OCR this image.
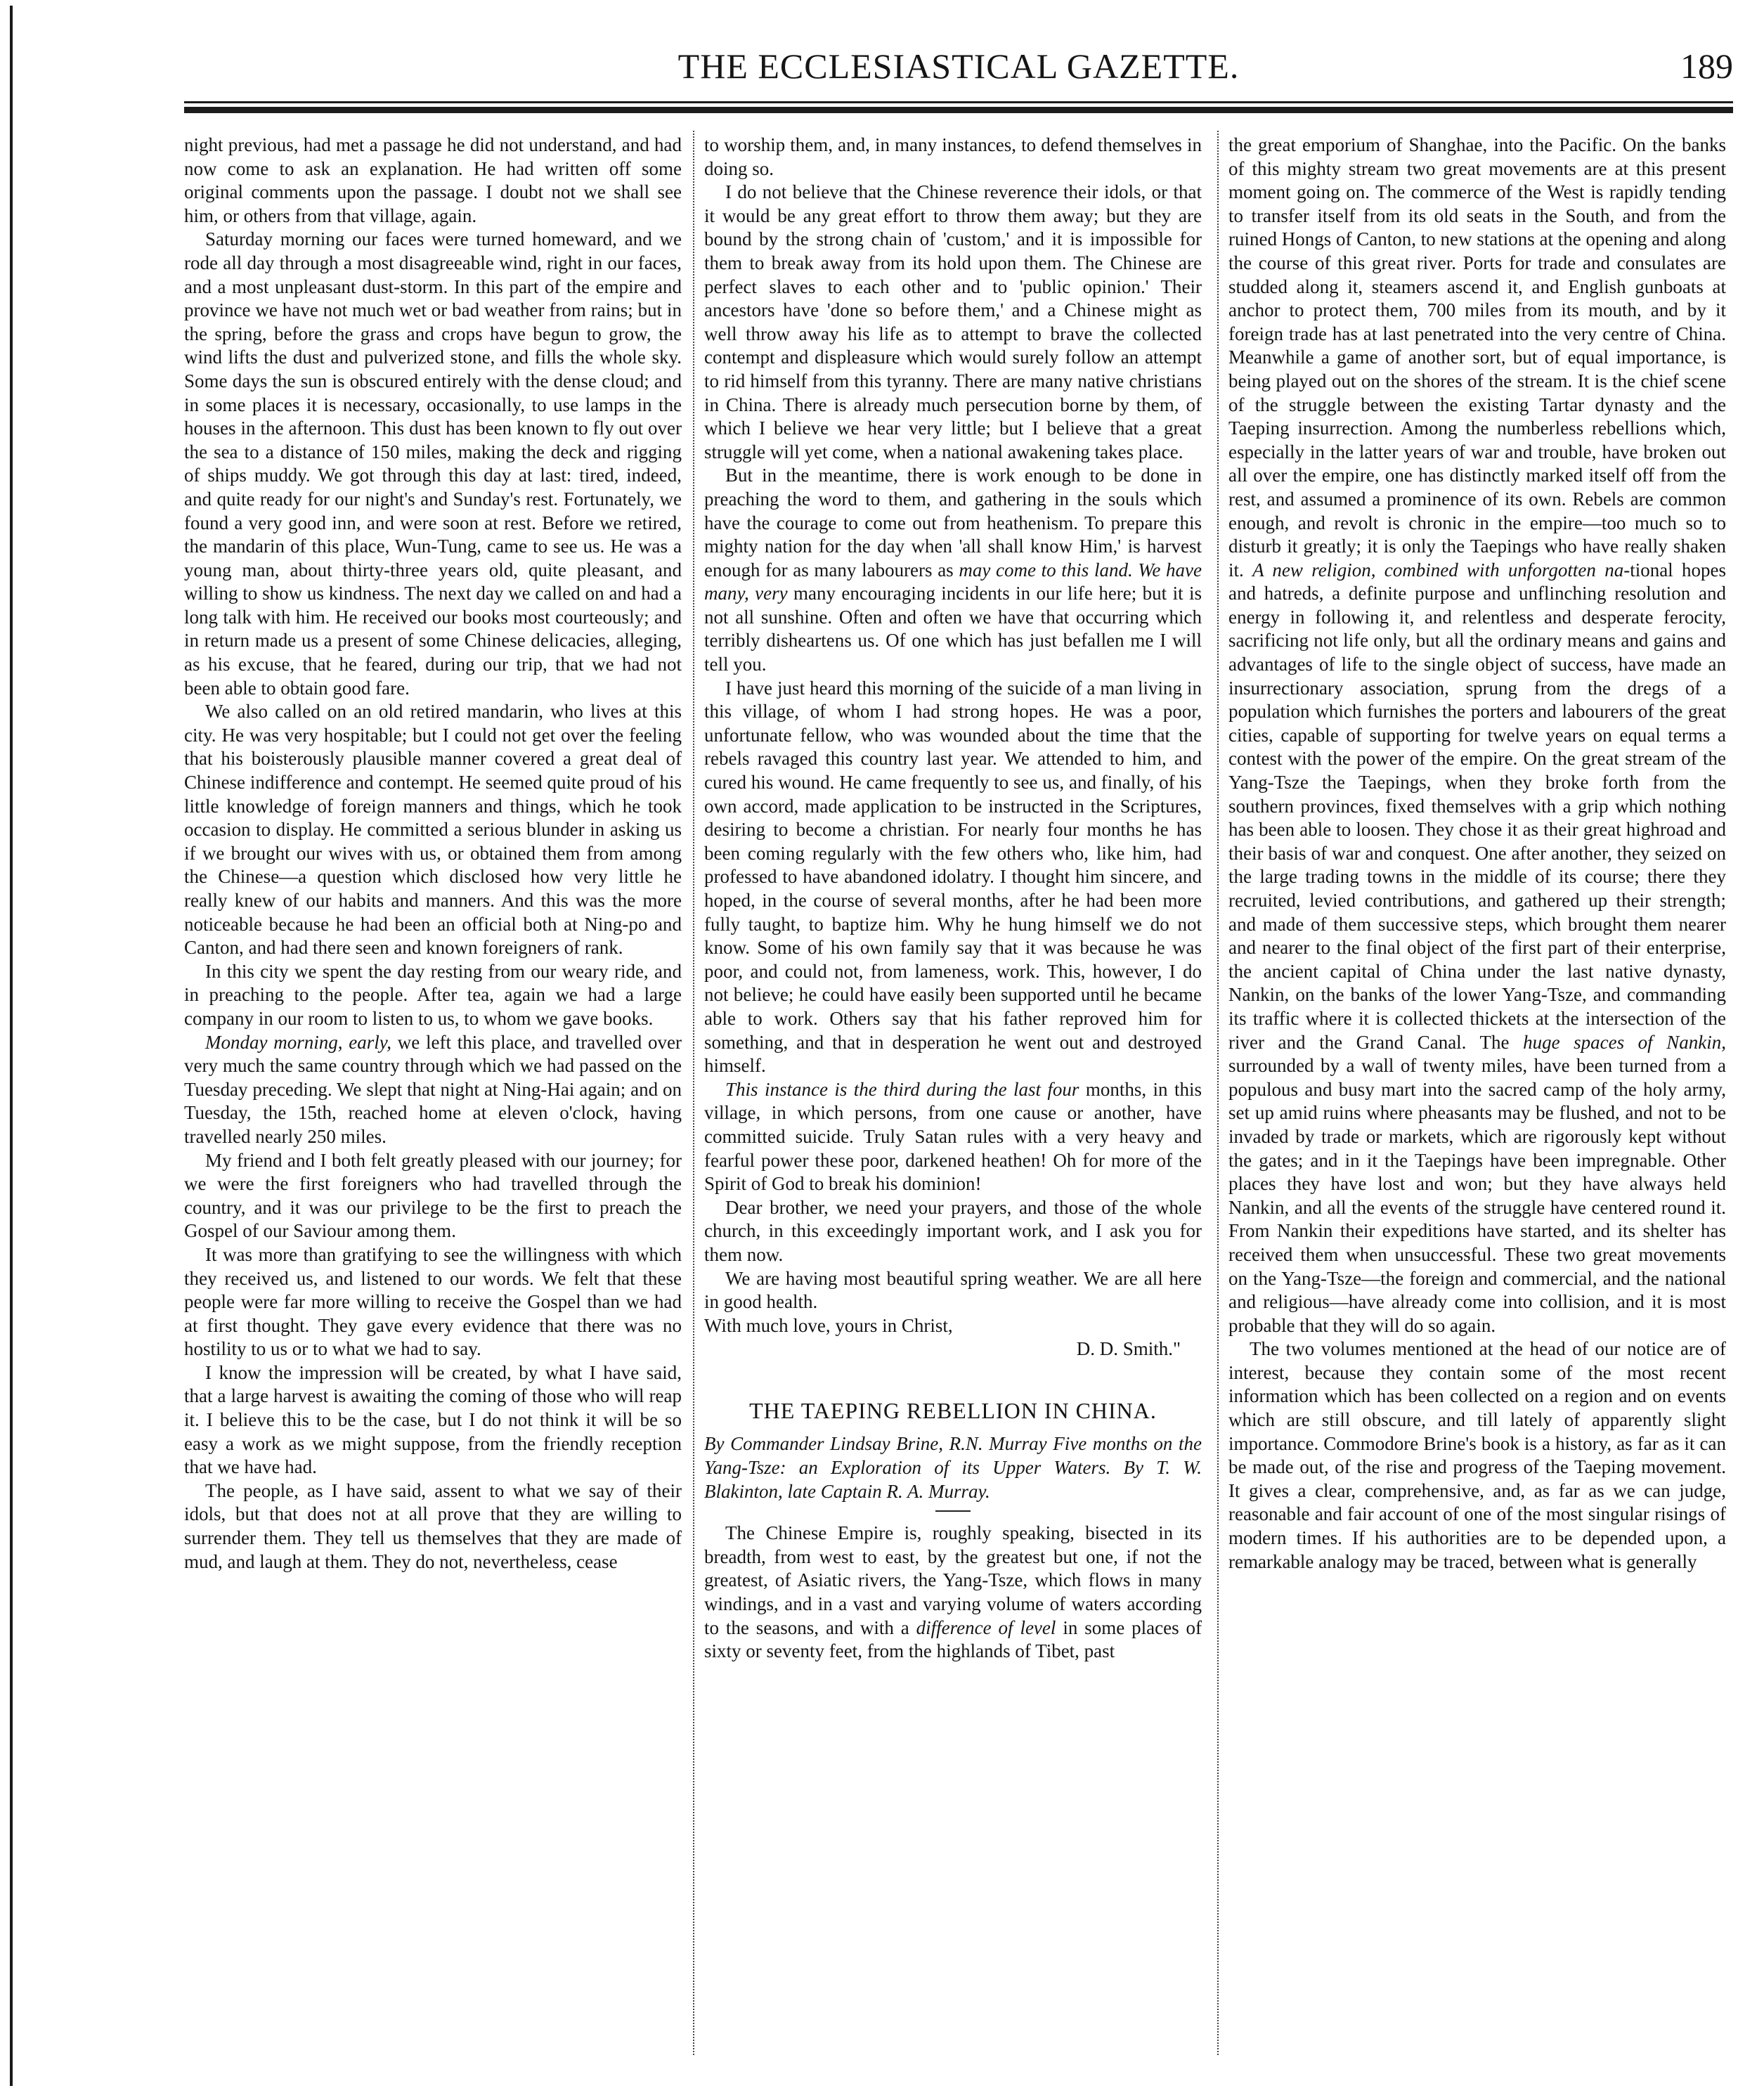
THE ECCLESIASTICAL GAZETTE.	189

night previous, had met a passage he did not understand, and had now come to ask an explanation. He had written off some original comments upon the passage. I doubt not we shall see him, or others from that village, again.

Saturday morning our faces were turned homeward, and we rode all day through a most disagreeable wind, right in our faces, and a most unpleasant dust-storm. In this part of the empire and province we have not much wet or bad weather from rains; but in the spring, before the grass and crops have begun to grow, the wind lifts the dust and pulverized stone, and fills the whole sky. Some days the sun is obscured entirely with the dense cloud; and in some places it is necessary, occasionally, to use lamps in the houses in the afternoon. This dust has been known to fly out over the sea to a distance of 150 miles, making the deck and rigging of ships muddy. We got through this day at last: tired, indeed, and quite ready for our night's and Sunday's rest. Fortunately, we found a very good inn, and were soon at rest. Before we retired, the mandarin of this place, Wun-Tung, came to see us. He was a young man, about thirty-three years old, quite pleasant, and willing to show us kindness. The next day we called on and had a long talk with him. He received our books most courteously; and in return made us a present of some Chinese delicacies, alleging, as his excuse, that he feared, during our trip, that we had not been able to obtain good fare.

We also called on an old retired mandarin, who lives at this city. He was very hospitable; but I could not get over the feeling that his boisterously plausible manner covered a great deal of Chinese indifference and contempt. He seemed quite proud of his little knowledge of foreign manners and things, which he took occasion to display. He committed a serious blunder in asking us if we brought our wives with us, or obtained them from among the Chinese—a question which disclosed how very little he really knew of our habits and manners. And this was the more noticeable because he had been an official both at Ning-po and Canton, and had there seen and known foreigners of rank.

In this city we spent the day resting from our weary ride, and in preaching to the people. After tea, again we had a large company in our room to listen to us, to whom we gave books.

Monday morning, early, we left this place, and travelled over very much the same country through which we had passed on the Tuesday preceding. We slept that night at Ning-Hai again; and on Tuesday, the 15th, reached home at eleven o'clock, having travelled nearly 250 miles.

My friend and I both felt greatly pleased with our journey; for we were the first foreigners who had travelled through the country, and it was our privilege to be the first to preach the Gospel of our Saviour among them.

It was more than gratifying to see the willingness with which they received us, and listened to our words. We felt that these people were far more willing to receive the Gospel than we had at first thought. They gave every evidence that there was no hostility to us or to what we had to say.

I know the impression will be created, by what I have said, that a large harvest is awaiting the coming of those who will reap it. I believe this to be the case, but I do not think it will be so easy a work as we might suppose, from the friendly reception that we have had.

The people, as I have said, assent to what we say of their idols, but that does not at all prove that they are willing to surrender them. They tell us themselves that they are made of mud, and laugh at them. They do not, nevertheless, cease

to worship them, and, in many instances, to defend themselves in doing so.

I do not believe that the Chinese reverence their idols, or that it would be any great effort to throw them away; but they are bound by the strong chain of 'custom,' and it is impossible for them to break away from its hold upon them. The Chinese are perfect slaves to each other and to 'public opinion.' Their ancestors have 'done so before them,' and a Chinese might as well throw away his life as to attempt to brave the collected contempt and displeasure which would surely follow an attempt to rid himself from this tyranny. There are many native christians in China. There is already much persecution borne by them, of which I believe we hear very little; but I believe that a great struggle will yet come, when a national awakening takes place.

But in the meantime, there is work enough to be done in preaching the word to them, and gathering in the souls which have the courage to come out from heathenism. To prepare this mighty nation for the day when 'all shall know Him,' is harvest enough for as many labourers as may come to this land. We have many, very many encouraging incidents in our life here; but it is not all sunshine. Often and often we have that occurring which terribly disheartens us. Of one which has just befallen me I will tell you.

I have just heard this morning of the suicide of a man living in this village, of whom I had strong hopes. He was a poor, unfortunate fellow, who was wounded about the time that the rebels ravaged this country last year. We attended to him, and cured his wound. He came frequently to see us, and finally, of his own accord, made application to be instructed in the Scriptures, desiring to become a christian. For nearly four months he has been coming regularly with the few others who, like him, had professed to have abandoned idolatry. I thought him sincere, and hoped, in the course of several months, after he had been more fully taught, to baptize him. Why he hung himself we do not know. Some of his own family say that it was because he was poor, and could not, from lameness, work. This, however, I do not believe; he could have easily been supported until he became able to work. Others say that his father reproved him for something, and that in desperation he went out and destroyed himself.

This instance is the third during the last four months, in this village, in which persons, from one cause or another, have committed suicide. Truly Satan rules with a very heavy and fearful power these poor, darkened heathen! Oh for more of the Spirit of God to break his dominion!

Dear brother, we need your prayers, and those of the whole church, in this exceedingly important work, and I ask you for them now.

We are having most beautiful spring weather. We are all here in good health.

With much love, yours in Christ,

D. D. Smith."

THE TAEPING REBELLION IN CHINA.

By Commander Lindsay Brine, R.N. Murray Five months on the Yang-Tsze: an Exploration of its Upper Waters. By T. W. Blakinton, late Captain R. A. Murray.

The Chinese Empire is, roughly speaking, bisected in its breadth, from west to east, by the greatest but one, if not the greatest, of Asiatic rivers, the Yang-Tsze, which flows in many windings, and in a vast and varying volume of waters according to the seasons, and with a difference of level in some places of sixty or seventy feet, from the highlands of Tibet, past

the great emporium of Shanghae, into the Pacific. On the banks of this mighty stream two great movements are at this present moment going on. The commerce of the West is rapidly tending to transfer itself from its old seats in the South, and from the ruined Hongs of Canton, to new stations at the opening and along the course of this great river. Ports for trade and consulates are studded along it, steamers ascend it, and English gunboats at anchor to protect them, 700 miles from its mouth, and by it foreign trade has at last penetrated into the very centre of China. Meanwhile a game of another sort, but of equal importance, is being played out on the shores of the stream. It is the chief scene of the struggle between the existing Tartar dynasty and the Taeping insurrection. Among the numberless rebellions which, especially in the latter years of war and trouble, have broken out all over the empire, one has distinctly marked itself off from the rest, and assumed a prominence of its own. Rebels are common enough, and revolt is chronic in the empire—too much so to disturb it greatly; it is only the Taepings who have really shaken it. A new religion, combined with unforgotten na-tional hopes and hatreds, a definite purpose and unflinching resolution and energy in following it, and relentless and desperate ferocity, sacrificing not life only, but all the ordinary means and gains and advantages of life to the single object of success, have made an insurrectionary association, sprung from the dregs of a population which furnishes the porters and labourers of the great cities, capable of supporting for twelve years on equal terms a contest with the power of the empire. On the great stream of the Yang-Tsze the Taepings, when they broke forth from the southern provinces, fixed themselves with a grip which nothing has been able to loosen. They chose it as their great highroad and their basis of war and conquest. One after another, they seized on the large trading towns in the middle of its course; there they recruited, levied contributions, and gathered up their strength; and made of them successive steps, which brought them nearer and nearer to the final object of the first part of their enterprise, the ancient capital of China under the last native dynasty, Nankin, on the banks of the lower Yang-Tsze, and commanding its traffic where it is collected thickets at the intersection of the river and the Grand Canal. The huge spaces of Nankin, surrounded by a wall of twenty miles, have been turned from a populous and busy mart into the sacred camp of the holy army, set up amid ruins where pheasants may be flushed, and not to be invaded by trade or markets, which are rigorously kept without the gates; and in it the Taepings have been impregnable. Other places they have lost and won; but they have always held Nankin, and all the events of the struggle have centered round it. From Nankin their expeditions have started, and its shelter has received them when unsuccessful. These two great movements on the Yang-Tsze—the foreign and commercial, and the national and religious—have already come into collision, and it is most probable that they will do so again.

The two volumes mentioned at the head of our notice are of interest, because they contain some of the most recent information which has been collected on a region and on events which are still obscure, and till lately of apparently slight importance. Commodore Brine's book is a history, as far as it can be made out, of the rise and progress of the Taeping movement. It gives a clear, comprehensive, and, as far as we can judge, reasonable and fair account of one of the most singular risings of modern times. If his authorities are to be depended upon, a remarkable analogy may be traced, between what is generally
